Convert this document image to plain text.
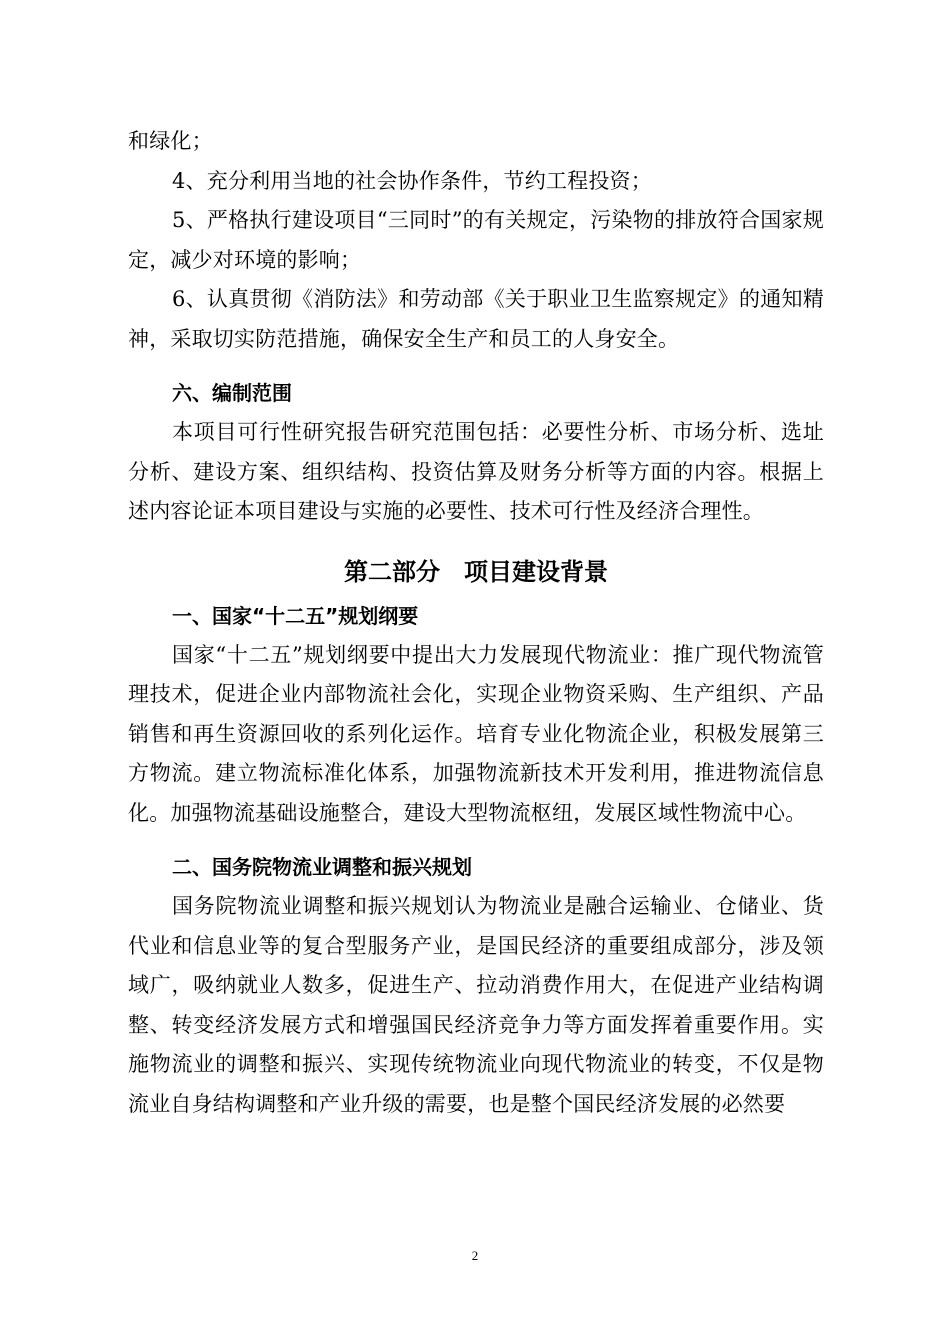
和绿化；

4、充分利用当地的社会协作条件，节约工程投资；

5、严格执行建设项目“三同时”的有关规定，污染物的排放符合国家规定，减少对环境的影响；

6、认真贯彻《消防法》和劳动部《关于职业卫生监察规定》的通知精神，采取切实防范措施，确保安全生产和员工的人身安全。

六、编制范围

本项目可行性研究报告研究范围包括：必要性分析、市场分析、选址分析、建设方案、组织结构、投资估算及财务分析等方面的内容。根据上述内容论证本项目建设与实施的必要性、技术可行性及经济合理性。

第二部分　项目建设背景
一、国家“十二五”规划纲要

国家“十二五”规划纲要中提出大力发展现代物流业：推广现代物流管理技术，促进企业内部物流社会化，实现企业物资采购、生产组织、产品销售和再生资源回收的系列化运作。培育专业化物流企业，积极发展第三方物流。建立物流标准化体系，加强物流新技术开发利用，推进物流信息化。加强物流基础设施整合，建设大型物流枢纽，发展区域性物流中心。

二、国务院物流业调整和振兴规划

国务院物流业调整和振兴规划认为物流业是融合运输业、仓储业、货代业和信息业等的复合型服务产业，是国民经济的重要组成部分，涉及领域广，吸纳就业人数多，促进生产、拉动消费作用大，在促进产业结构调整、转变经济发展方式和增强国民经济竞争力等方面发挥着重要作用。实施物流业的调整和振兴、实现传统物流业向现代物流业的转变，不仅是物流业自身结构调整和产业升级的需要，也是整个国民经济发展的必然要

2
